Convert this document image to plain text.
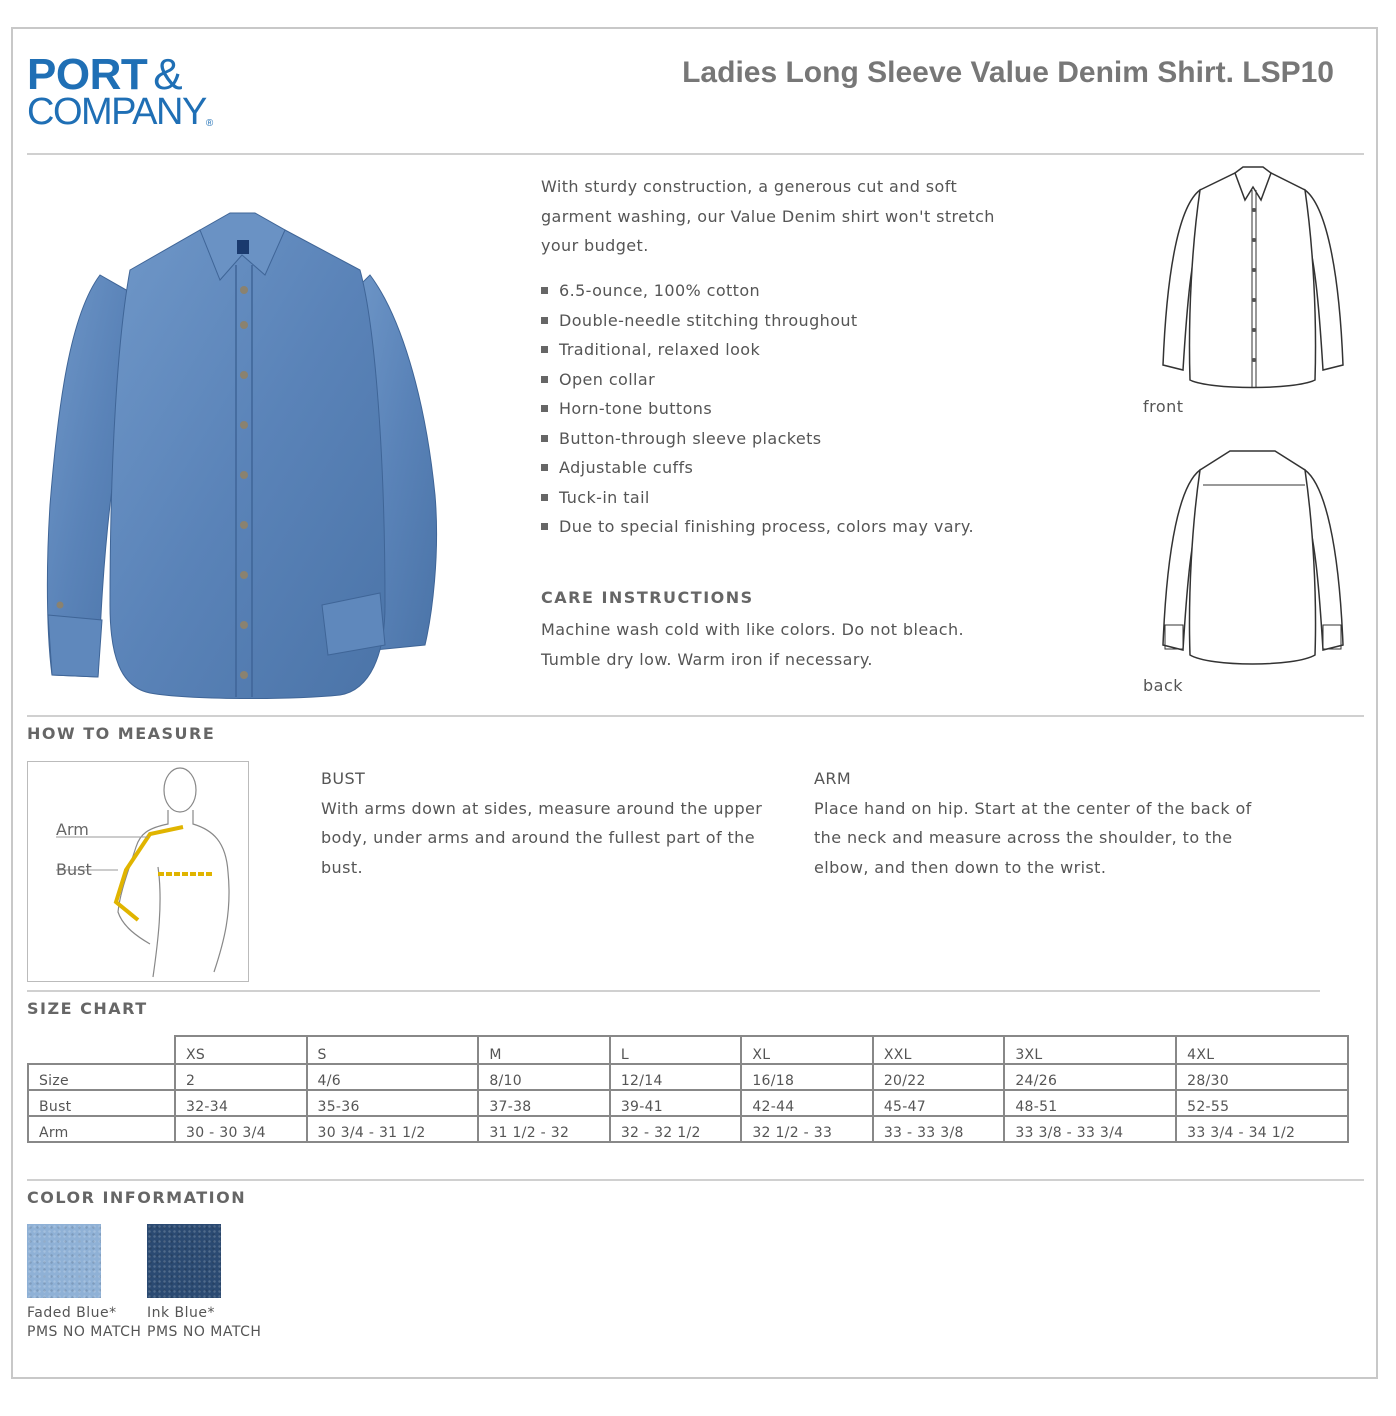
PORT &
COMPANY®
Ladies Long Sleeve Value Denim Shirt. LSP10
With sturdy construction, a generous cut and soft garment washing, our Value Denim shirt won't stretch your budget.
6.5-ounce, 100% cotton
Double-needle stitching throughout
Traditional, relaxed look
Open collar
Horn-tone buttons
Button-through sleeve plackets
Adjustable cuffs
Tuck-in tail
Due to special finishing process, colors may vary.
CARE INSTRUCTIONS
Machine wash cold with like colors. Do not bleach. Tumble dry low. Warm iron if necessary.
front
back
HOW TO MEASURE
Arm
Bust
BUST
With arms down at sides, measure around the upper body, under arms and around the fullest part of the bust.
ARM
Place hand on hip. Start at the center of the back of the neck and measure across the shoulder, to the elbow, and then down to the wrist.
SIZE CHART
	XS	S	M	L	XL	XXL	3XL	4XL
Size	2	4/6	8/10	12/14	16/18	20/22	24/26	28/30
Bust	32-34	35-36	37-38	39-41	42-44	45-47	48-51	52-55
Arm	30 - 30 3/4	30 3/4 - 31 1/2	31 1/2 - 32	32 - 32 1/2	32 1/2 - 33	33 - 33 3/8	33 3/8 - 33 3/4	33 3/4 - 34 1/2
COLOR INFORMATION
Faded Blue*
PMS NO MATCH
Ink Blue*
PMS NO MATCH
